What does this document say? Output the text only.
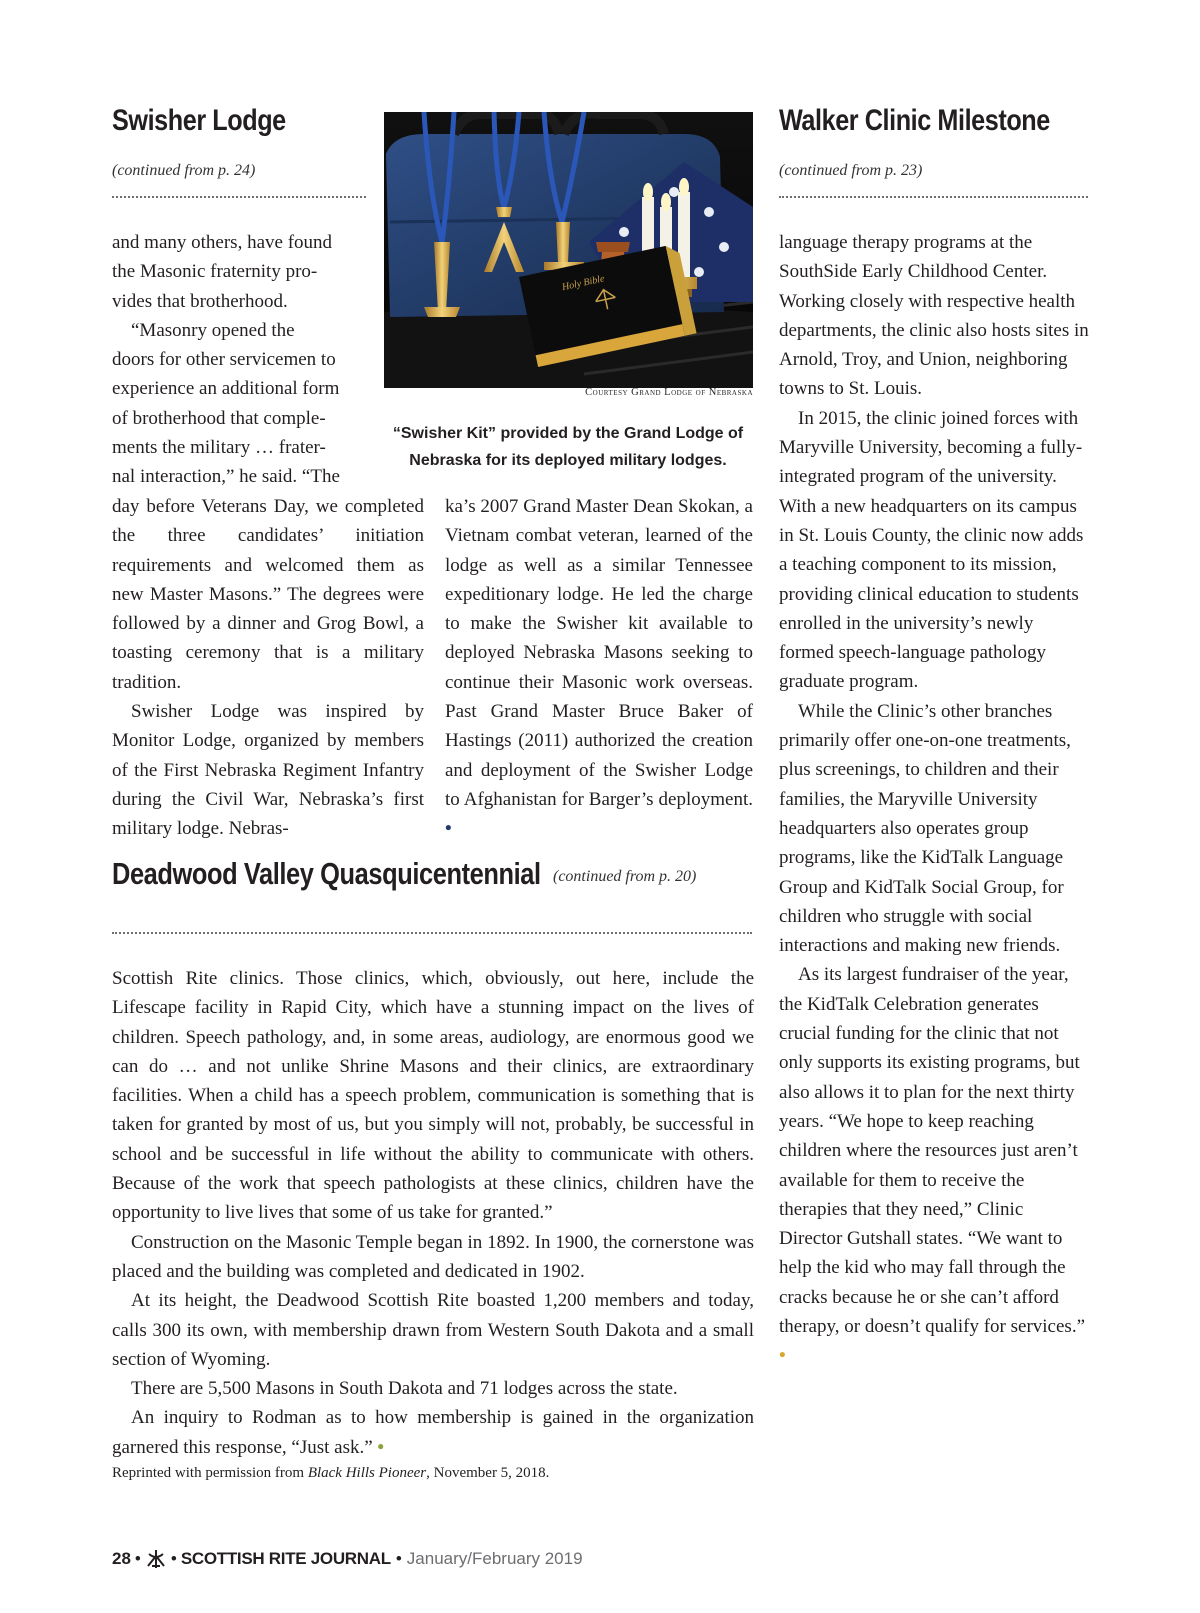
Swisher Lodge
(continued from p. 24)

and many others, have found

the Masonic fraternity pro-

vides that brotherhood.

“Masonry opened the

doors for other servicemen to

experience an additional form

of brotherhood that comple-

ments the military … frater-

nal interaction,” he said. “The

day before Veterans Day, we completed the three candidates’ initiation requirements and welcomed them as new Master Masons.” The degrees were followed by a dinner and Grog Bowl, a toasting ceremony that is a military tradition.

Swisher Lodge was inspired by Monitor Lodge, organized by members of the First Nebraska Regiment Infantry during the Civil War, Nebraska’s first military lodge. Nebras-

ka’s 2007 Grand Master Dean Skokan, a Vietnam combat veteran, learned of the lodge as well as a similar Tennessee expeditionary lodge. He led the charge to make the Swisher kit available to deployed Nebraska Masons seeking to continue their Masonic work overseas. Past Grand Master Bruce Baker of Hastings (2011) authorized the creation and deployment of the Swisher Lodge to Afghanistan for Barger’s deployment. •

Holy Bible
Courtesy Grand Lodge of Nebraska
“Swisher Kit” provided by the Grand Lodge of Nebraska for its deployed military lodges.
Deadwood Valley Quasquicentennial (continued from p. 20)

Scottish Rite clinics. Those clinics, which, obviously, out here, include the Lifescape facility in Rapid City, which have a stunning impact on the lives of children. Speech pathology, and, in some areas, audiology, are enormous good we can do … and not unlike Shrine Masons and their clinics, are extraordinary facilities. When a child has a speech problem, communication is something that is taken for granted by most of us, but you simply will not, probably, be successful in school and be successful in life without the ability to communicate with others. Because of the work that speech pathologists at these clinics, children have the opportunity to live lives that some of us take for granted.”

Construction on the Masonic Temple began in 1892. In 1900, the cornerstone was placed and the building was completed and dedicated in 1902.

At its height, the Deadwood Scottish Rite boasted 1,200 members and today, calls 300 its own, with membership drawn from Western South Dakota and a small section of Wyoming.

There are 5,500 Masons in South Dakota and 71 lodges across the state.

An inquiry to Rodman as to how membership is gained in the organization garnered this response, “Just ask.” •

Reprinted with permission from Black Hills Pioneer, November 5, 2018.
Walker Clinic Milestone
(continued from p. 23)

language therapy programs at the SouthSide Early Childhood Center. Working closely with respective health departments, the clinic also hosts sites in Arnold, Troy, and Union, neighboring towns to St. Louis.

In 2015, the clinic joined forces with Maryville University, becoming a fully-integrated program of the university. With a new headquarters on its campus in St. Louis County, the clinic now adds a teaching component to its mission, providing clinical education to students enrolled in the university’s newly formed speech-language pathology graduate program.

While the Clinic’s other branches primarily offer one-on-one treatments, plus screenings, to children and their families, the Maryville University headquarters also operates group programs, like the KidTalk Language Group and KidTalk Social Group, for children who struggle with social interactions and making new friends.

As its largest fundraiser of the year, the KidTalk Celebration generates crucial funding for the clinic that not only supports its existing programs, but also allows it to plan for the next thirty years. “We hope to keep reaching children where the resources just aren’t available for them to receive the therapies that they need,” Clinic Director Gutshall states. “We want to help the kid who may fall through the cracks because he or she can’t afford therapy, or doesn’t qualify for services.” •

28 • • SCOTTISH RITE JOURNAL • January/February 2019
